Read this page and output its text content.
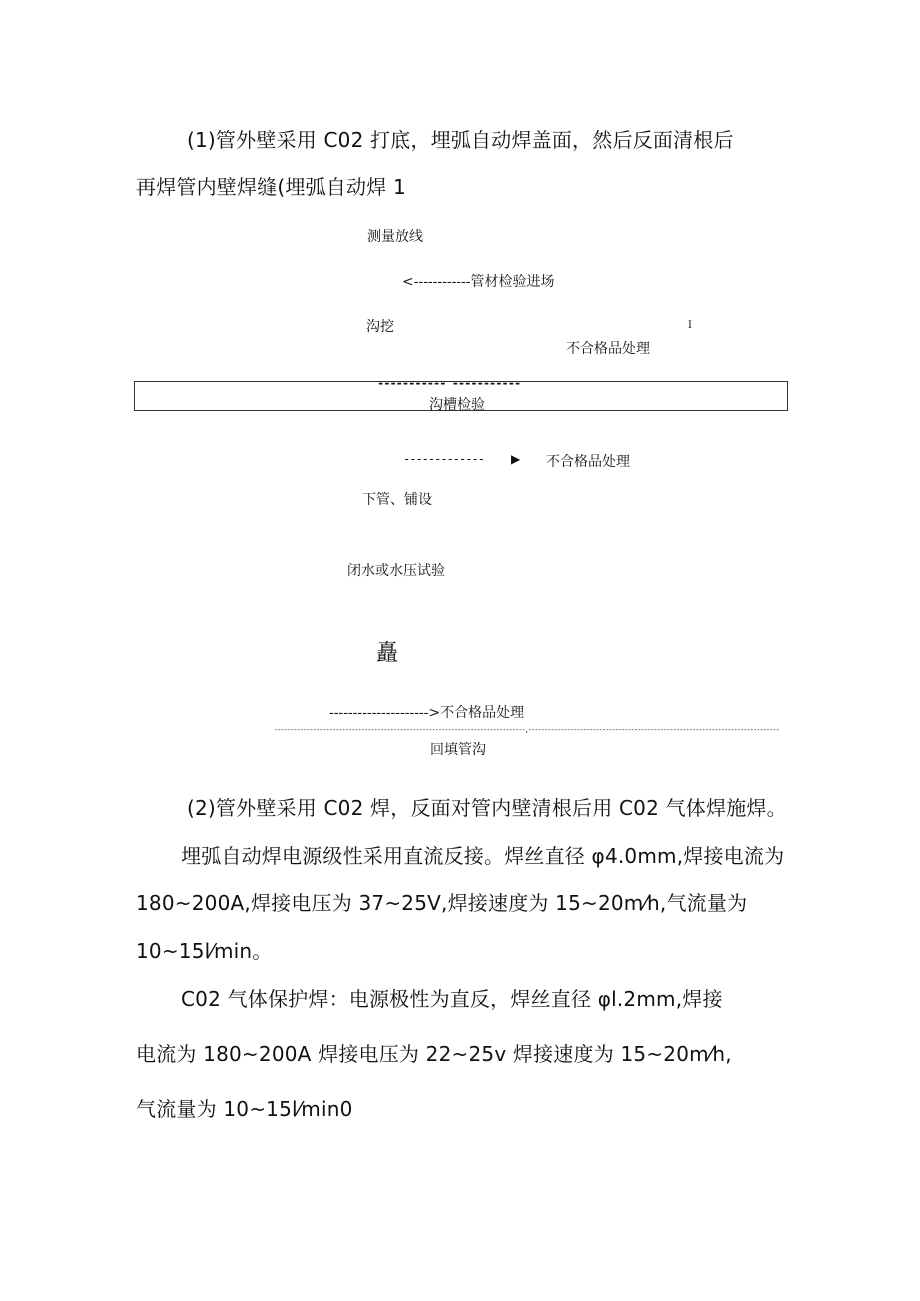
(1)管外壁采用 C02 打底，埋弧自动焊盖面，然后反面清根后
再焊管内壁焊缝(埋弧自动焊 1
测量放线
<------------管材检验进场
沟挖	I
不合格品处理
----------- -----------
沟槽检验
------------- ▶ 不合格品处理
下管、铺设
闭水或水压试验
矗
--------------------->不合格品处理
------------------------------------------------------------------------------,------------------------------------------------------------------------------
回填管沟
(2)管外壁采用 C02 焊，反面对管内壁清根后用 C02 气体焊施焊。
埋弧自动焊电源级性采用直流反接。焊丝直径 φ4.0mm,焊接电流为
180~200A,焊接电压为 37~25V,焊接速度为 15~20m⁄h,气流量为
10~15l⁄min。
C02 气体保护焊：电源极性为直反，焊丝直径 φl.2mm,焊接
电流为 180~200A 焊接电压为 22~25v 焊接速度为 15~20m⁄h,
气流量为 10~15l⁄min0
